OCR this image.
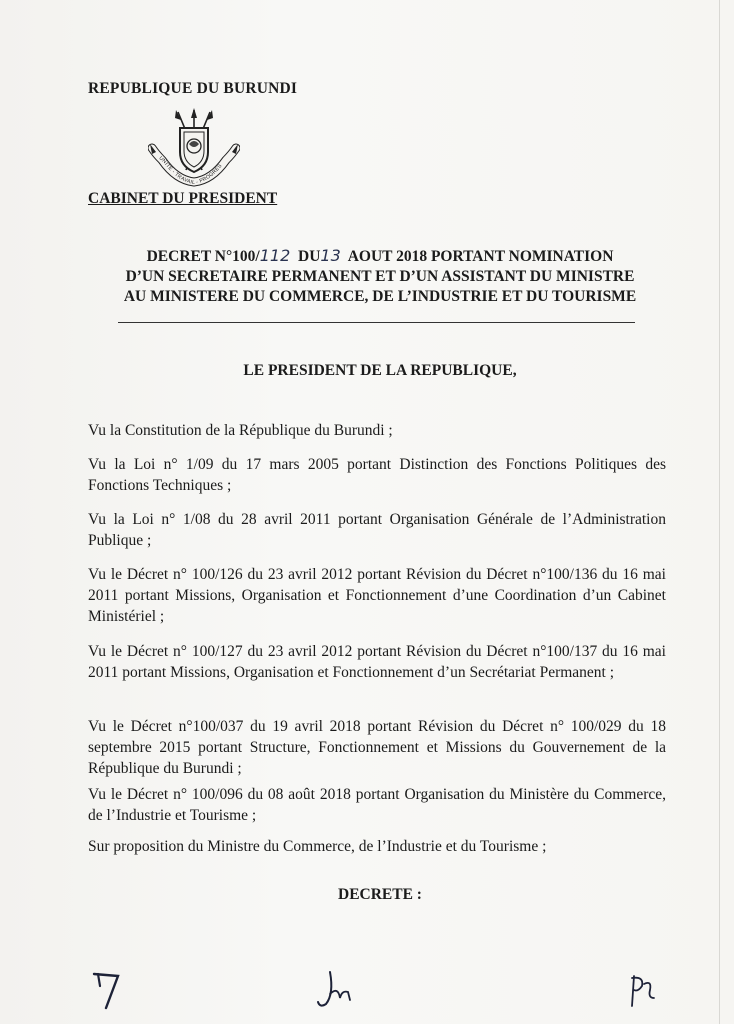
REPUBLIQUE DU BURUNDI
UNITE - TRAVAIL - PROGRES
CABINET DU PRESIDENT
DECRET N°100/112 DU13 AOUT 2018 PORTANT NOMINATION
D’UN SECRETAIRE PERMANENT ET D’UN ASSISTANT DU MINISTRE
AU MINISTERE DU COMMERCE, DE L’INDUSTRIE ET DU TOURISME
LE PRESIDENT DE LA REPUBLIQUE,
Vu la Constitution de la République du Burundi ;
Vu la Loi n° 1/09 du 17 mars 2005 portant Distinction des Fonctions Politiques des Fonctions Techniques ;
Vu la Loi n° 1/08 du 28 avril 2011 portant Organisation Générale de l’Administration Publique ;
Vu le Décret n° 100/126 du 23 avril 2012 portant Révision du Décret n°100/136 du 16 mai 2011 portant Missions, Organisation et Fonctionnement d’une Coordination d’un Cabinet Ministériel ;
Vu le Décret n° 100/127 du 23 avril 2012 portant Révision du Décret n°100/137 du 16 mai 2011 portant Missions, Organisation et Fonctionnement d’un Secrétariat Permanent ;
Vu le Décret n°100/037 du 19 avril 2018 portant Révision du Décret n° 100/029 du 18 septembre 2015 portant Structure, Fonctionnement et Missions du Gouvernement de la République du Burundi ;
Vu le Décret n° 100/096 du 08 août 2018 portant Organisation du Ministère du Commerce, de l’Industrie et Tourisme ;
Sur proposition du Ministre du Commerce, de l’Industrie et du Tourisme ;
DECRETE :
